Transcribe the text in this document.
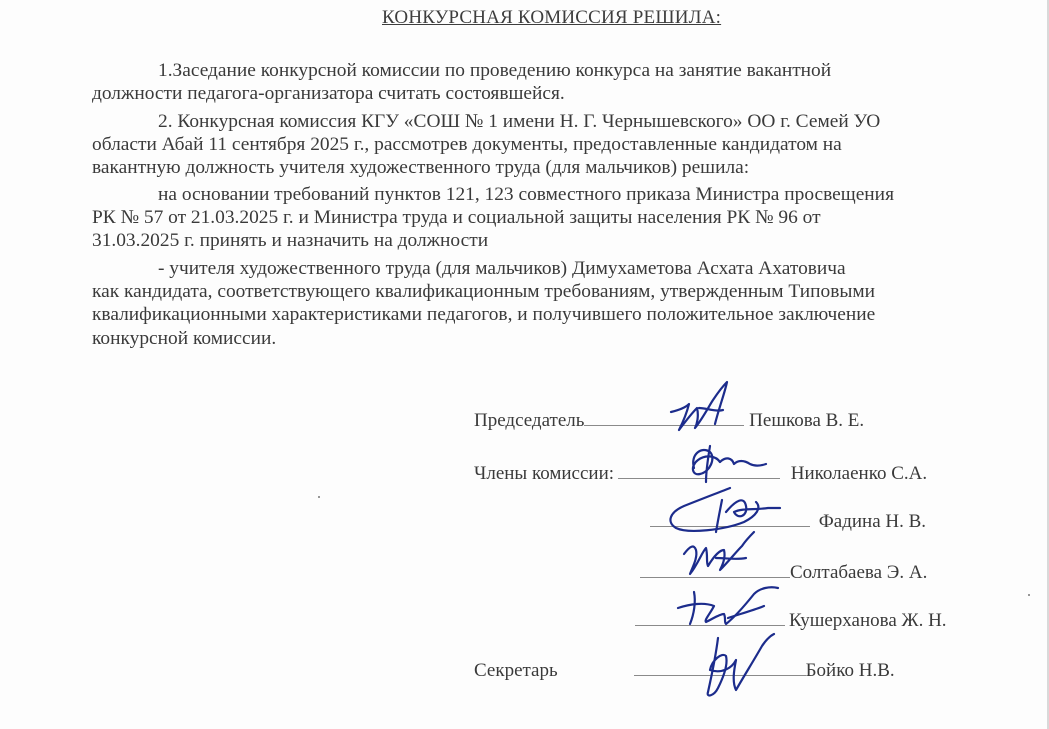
КОНКУРСНАЯ КОМИССИЯ РЕШИЛА:
1.Заседание конкурсной комиссии по проведению конкурса на занятие вакантной
должности педагога-организатора считать состоявшейся.
2. Конкурсная комиссия КГУ «СОШ № 1 имени Н. Г. Чернышевского» ОО г. Семей УО
области Абай 11 сентября 2025 г., рассмотрев документы, предоставленные кандидатом на
вакантную должность учителя художественного труда (для мальчиков) решила:
на основании требований пунктов 121, 123 совместного приказа Министра просвещения
РК № 57 от 21.03.2025 г. и Министра труда и социальной защиты населения РК № 96 от
31.03.2025 г. принять и назначить на должности
- учителя художественного труда (для мальчиков) Димухаметова Асхата Ахатовича
как кандидата, соответствующего квалификационным требованиям, утвержденным Типовыми
квалификационными характеристиками педагогов, и получившего положительное заключение
конкурсной комиссии.
Председатель	Пешкова В. Е.
Члены комиссии:	Николаенко С.А.
Фадина Н. В.
Солтабаева Э. А.
Кушерханова Ж. Н.
Секретарь	Бойко Н.В.
